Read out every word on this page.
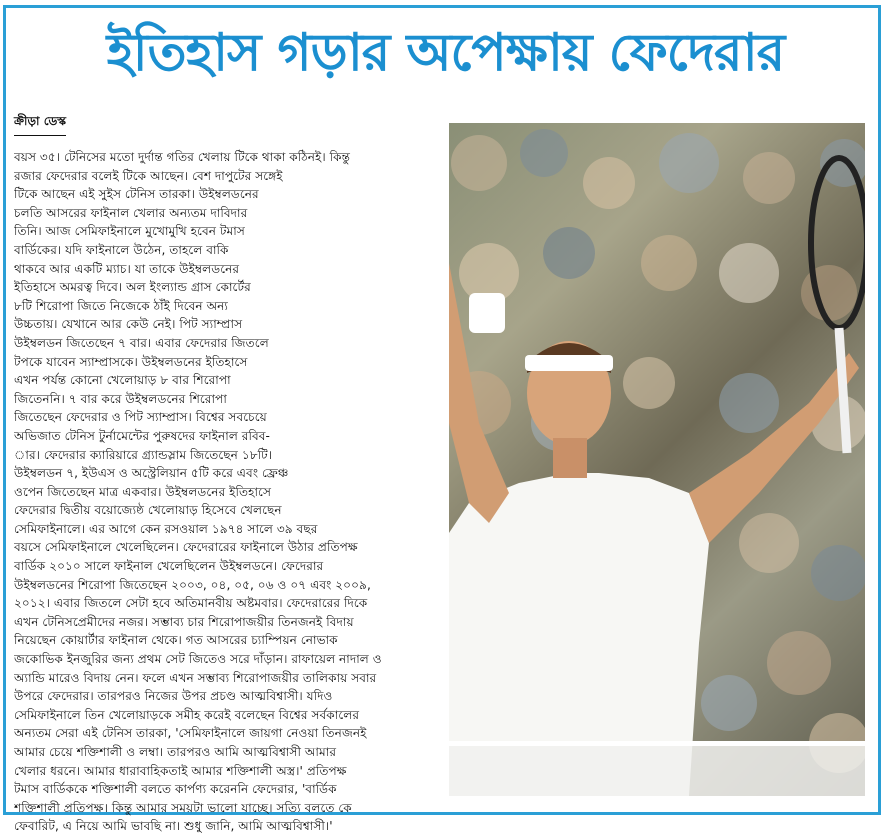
ইতিহাস গড়ার অপেক্ষায় ফেদেরার
ক্রীড়া ডেস্ক
বয়স ৩৫। টেনিসের মতো দুর্দান্ত গতির খেলায় টিকে থাকা কঠিনই। কিন্তু
রজার ফেদেরার বলেই টিকে আছেন। বেশ দাপুটের সঙ্গেই
টিকে আছেন এই সুইস টেনিস তারকা। উইম্বলডনের
চলতি আসরের ফাইনাল খেলার অন্যতম দাবিদার
তিনি। আজ সেমিফাইনালে মুখোমুখি হবেন টমাস
বার্ডিকের। যদি ফাইনালে উঠেন, তাহলে বাকি
থাকবে আর একটি ম্যাচ। যা তাকে উইম্বলডনের
ইতিহাসে অমরত্ব দিবে। অল ইংল্যান্ড গ্রাস কোর্টের
৮টি শিরোপা জিতে নিজেকে ঠাঁই দিবেন অন্য
উচ্চতায়। যেখানে আর কেউ নেই। পিট স্যাম্প্রাস
উইম্বলডন জিতেছেন ৭ বার। এবার ফেদেরার জিতলে
টপকে যাবেন স্যাম্প্রাসকে। উইম্বলডনের ইতিহাসে
এখন পর্যন্ত কোনো খেলোয়াড় ৮ বার শিরোপা
জিতেননি। ৭ বার করে উইম্বলডনের শিরোপা
জিতেছেন ফেদেরার ও পিট স্যাম্প্রাস। বিশ্বের সবচেয়ে
অভিজাত টেনিস টুর্নামেন্টের পুরুষদের ফাইনাল রবিব-
ার। ফেদেরার ক্যারিয়ারে গ্র্যান্ডস্লাম জিতেছেন ১৮টি।
উইম্বলডন ৭, ইউএস ও অস্ট্রেলিয়ান ৫টি করে এবং ফ্রেঞ্চ
ওপেন জিতেছেন মাত্র একবার। উইম্বলডনের ইতিহাসে
ফেদেরার দ্বিতীয় বয়োজ্যেষ্ঠ খেলোয়াড় হিসেবে খেলছেন
সেমিফাইনালে। এর আগে কেন রসওয়াল ১৯৭৪ সালে ৩৯ বছর
বয়সে সেমিফাইনালে খেলেছিলেন। ফেদেরারের ফাইনালে উঠার প্রতিপক্ষ
বার্ডিক ২০১০ সালে ফাইনাল খেলেছিলেন উইম্বলডনে। ফেদেরার
উইম্বলডনের শিরোপা জিতেছেন ২০০৩, ০৪, ০৫, ০৬ ও ০৭ এবং ২০০৯,
২০১২। এবার জিতলে সেটা হবে অতিমানবীয় অষ্টমবার। ফেদেরারের দিকে
এখন টেনিসপ্রেমীদের নজর। সম্ভাব্য চার শিরোপাজয়ীর তিনজনই বিদায়
নিয়েছেন কোয়ার্টার ফাইনাল থেকে। গত আসরের চ্যাম্পিয়ন নোভাক
জকোভিক ইনজুরির জন্য প্রথম সেট জিতেও সরে দাঁড়ান। রাফায়েল নাদাল ও
অ্যান্ডি মারেও বিদায় নেন। ফলে এখন সম্ভাব্য শিরোপাজয়ীর তালিকায় সবার
উপরে ফেদেরার। তারপরও নিজের উপর প্রচণ্ড আত্মবিশ্বাসী। যদিও
সেমিফাইনালে তিন খেলোয়াড়কে সমীহ করেই বলেছেন বিশ্বের সর্বকালের
অন্যতম সেরা এই টেনিস তারকা, 'সেমিফাইনালে জায়গা নেওয়া তিনজনই
আমার চেয়ে শক্তিশালী ও লম্বা। তারপরও আমি আত্মবিশ্বাসী আমার
খেলার ধরনে। আমার ধারাবাহিকতাই আমার শক্তিশালী অস্ত্র।' প্রতিপক্ষ
টমাস বার্ডিককে শক্তিশালী বলতে কার্পণ্য করেননি ফেদেরার, 'বার্ডিক
শক্তিশালী প্রতিপক্ষ। কিন্তু আমার সময়টা ভালো যাচ্ছে। সত্যি বলতে কে
ফেবারিট, এ নিয়ে আমি ভাবছি না। শুধু জানি, আমি আত্মবিশ্বাসী।'
